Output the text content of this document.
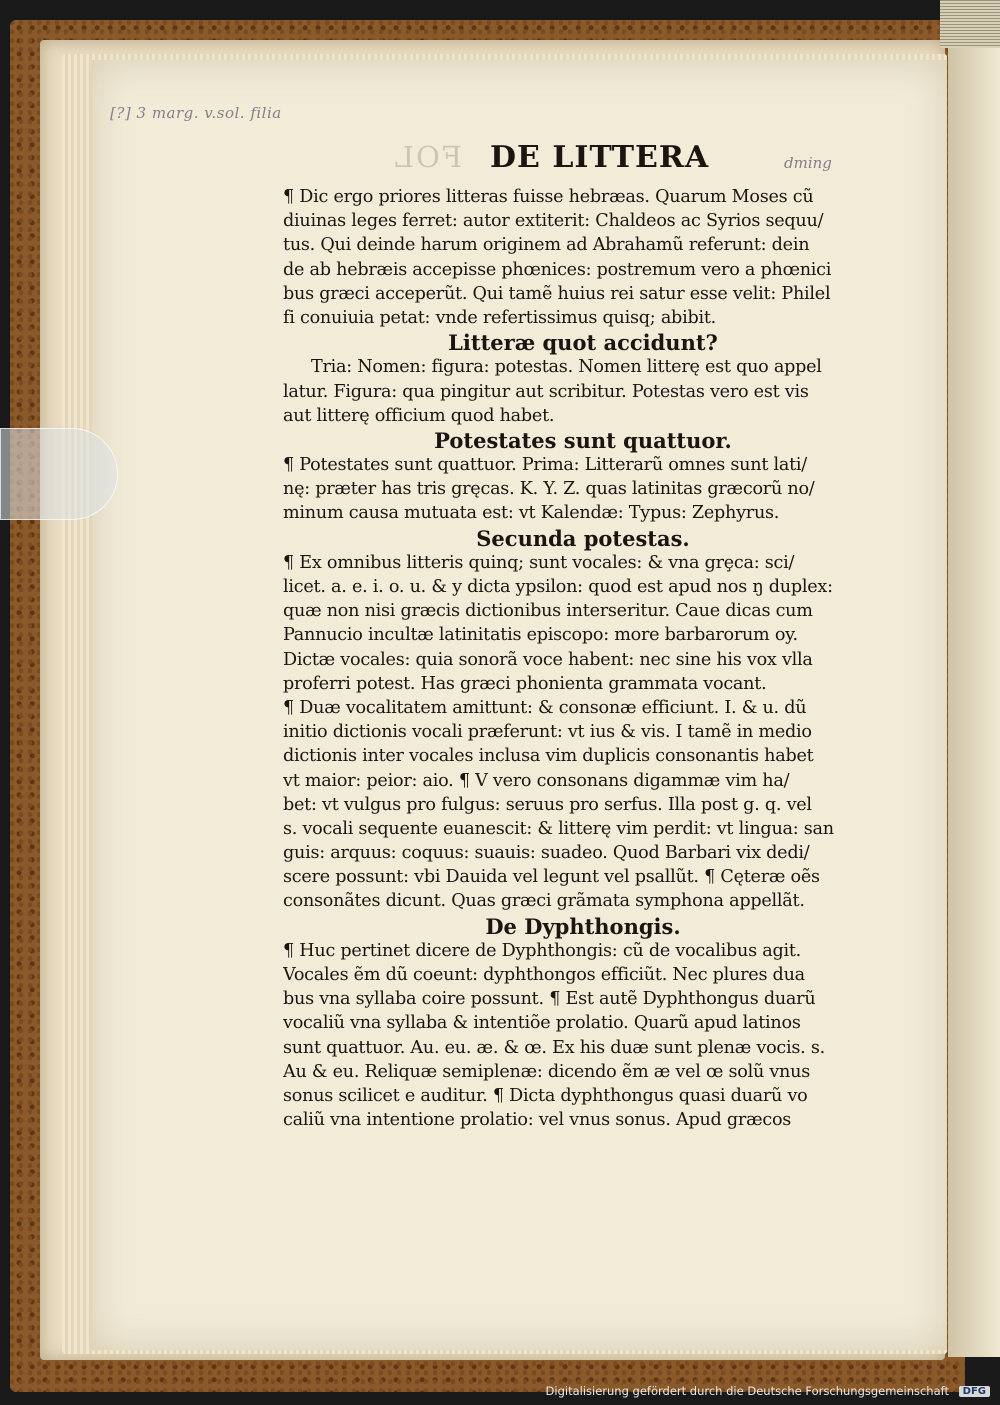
[?] 3 marg. v.sol. filia
dming
FOL DE LITTERA
¶ Dic ergo priores litteras fuisse hebræas. Quarum Moses cũ
diuinas leges ferret: autor extiterit: Chaldeos ac Syrios sequu/
tus. Qui deinde harum originem ad Abrahamũ referunt: dein
de ab hebræis accepisse phœnices: postremum vero a phœnici
bus græci acceperũt. Qui tamẽ huius rei satur esse velit: Philel
fi conuiuia petat: vnde refertissimus quisq; abibit.
Litteræ quot accidunt?
Tria: Nomen: figura: potestas. Nomen litterę est quo appel
latur. Figura: qua pingitur aut scribitur. Potestas vero est vis
aut litterę officium quod habet.
Potestates sunt quattuor.
¶ Potestates sunt quattuor. Prima: Litterarũ omnes sunt lati/
nę: præter has tris gręcas. K. Y. Z. quas latinitas græcorũ no/
minum causa mutuata est: vt Kalendæ: Typus: Zephyrus.
Secunda potestas.
¶ Ex omnibus litteris quinq; sunt vocales: & vna grȩca: sci/
licet. a. e. i. o. u. & y dicta ypsilon: quod est apud nos ŋ duplex:
quæ non nisi græcis dictionibus interseritur. Caue dicas cum
Pannucio incultæ latinitatis episcopo: more barbarorum oy.
Dictæ vocales: quia sonorã voce habent: nec sine his vox vlla
proferri potest. Has græci phonienta grammata vocant.
¶ Duæ vocalitatem amittunt: & consonæ efficiunt. I. & u. dũ
initio dictionis vocali præferunt: vt ius & vis. I tamẽ in medio
dictionis inter vocales inclusa vim duplicis consonantis habet
vt maior: peior: aio. ¶ V vero consonans digammæ vim ha/
bet: vt vulgus pro fulgus: seruus pro serfus. Illa post g. q. vel
s. vocali sequente euanescit: & litterę vim perdit: vt lingua: san
guis: arquus: coquus: suauis: suadeo. Quod Barbari vix dedi/
scere possunt: vbi Dauida vel legunt vel psallũt. ¶ Cęteræ oẽs
consonãtes dicunt. Quas græci grãmata symphona appellãt.
De Dyphthongis.
¶ Huc pertinet dicere de Dyphthongis: cũ de vocalibus agit.
Vocales ẽm dũ coeunt: dyphthongos efficiũt. Nec plures dua
bus vna syllaba coire possunt. ¶ Est autẽ Dyphthongus duarũ
vocaliũ vna syllaba & intentiõe prolatio. Quarũ apud latinos
sunt quattuor. Au. eu. æ. & œ. Ex his duæ sunt plenæ vocis. s.
Au & eu. Reliquæ semiplenæ: dicendo ẽm æ vel œ solũ vnus
sonus scilicet e auditur. ¶ Dicta dyphthongus quasi duarũ vo
caliũ vna intentione prolatio: vel vnus sonus. Apud græcos
Digitalisierung gefördert durch die Deutsche Forschungsgemeinschaft DFG
